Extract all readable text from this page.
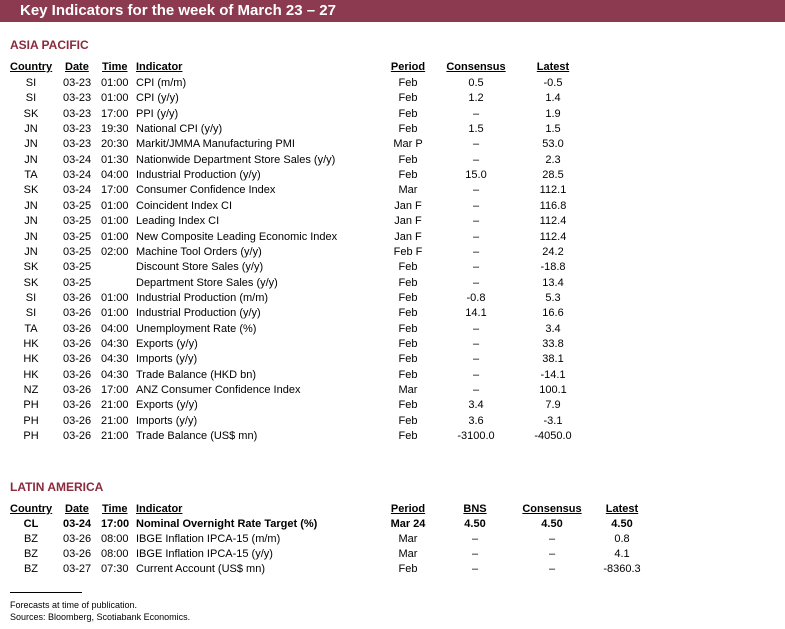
Key Indicators for the week of March 23 – 27
ASIA PACIFIC
Country Date Time Indicator	Period	Consensus	Latest
SI	03-23 01:00 CPI (m/m)	Feb	0.5	-0.5
SI	03-23 01:00 CPI (y/y)	Feb	1.2	1.4
SK	03-23 17:00 PPI (y/y)	Feb	–	1.9
JN	03-23 19:30 National CPI (y/y)	Feb	1.5	1.5
JN	03-23 20:30 Markit/JMMA Manufacturing PMI	Mar P	–	53.0
JN	03-24 01:30 Nationwide Department Store Sales (y/y)	Feb	–	2.3
TA	03-24 04:00 Industrial Production (y/y)	Feb	15.0	28.5
SK	03-24 17:00 Consumer Confidence Index	Mar	–	112.1
JN	03-25 01:00 Coincident Index CI	Jan F	–	116.8
JN	03-25 01:00 Leading Index CI	Jan F	–	112.4
JN	03-25 01:00 New Composite Leading Economic Index	Jan F	–	112.4
JN	03-25 02:00 Machine Tool Orders (y/y)	Feb F	–	24.2
SK	03-25	Discount Store Sales (y/y)	Feb	–	-18.8
SK	03-25	Department Store Sales (y/y)	Feb	–	13.4
SI	03-26 01:00 Industrial Production (m/m)	Feb	-0.8	5.3
SI	03-26 01:00 Industrial Production (y/y)	Feb	14.1	16.6
TA	03-26 04:00 Unemployment Rate (%)	Feb	–	3.4
HK	03-26 04:30 Exports (y/y)	Feb	–	33.8
HK	03-26 04:30 Imports (y/y)	Feb	–	38.1
HK	03-26 04:30 Trade Balance (HKD bn)	Feb	–	-14.1
NZ	03-26 17:00 ANZ Consumer Confidence Index	Mar	–	100.1
PH	03-26 21:00 Exports (y/y)	Feb	3.4	7.9
PH	03-26 21:00 Imports (y/y)	Feb	3.6	-3.1
PH	03-26 21:00 Trade Balance (US$ mn)	Feb	-3100.0	-4050.0
LATIN AMERICA
Country Date Time Indicator	Period	BNS	Consensus	Latest
CL	03-24 17:00 Nominal Overnight Rate Target (%)	Mar 24	4.50	4.50	4.50
BZ	03-26 08:00 IBGE Inflation IPCA-15 (m/m)	Mar	–	–	0.8
BZ	03-26 08:00 IBGE Inflation IPCA-15 (y/y)	Mar	–	–	4.1
BZ	03-27 07:30 Current Account (US$ mn)	Feb	–	–	-8360.3
Forecasts at time of publication.
Sources: Bloomberg, Scotiabank Economics.
